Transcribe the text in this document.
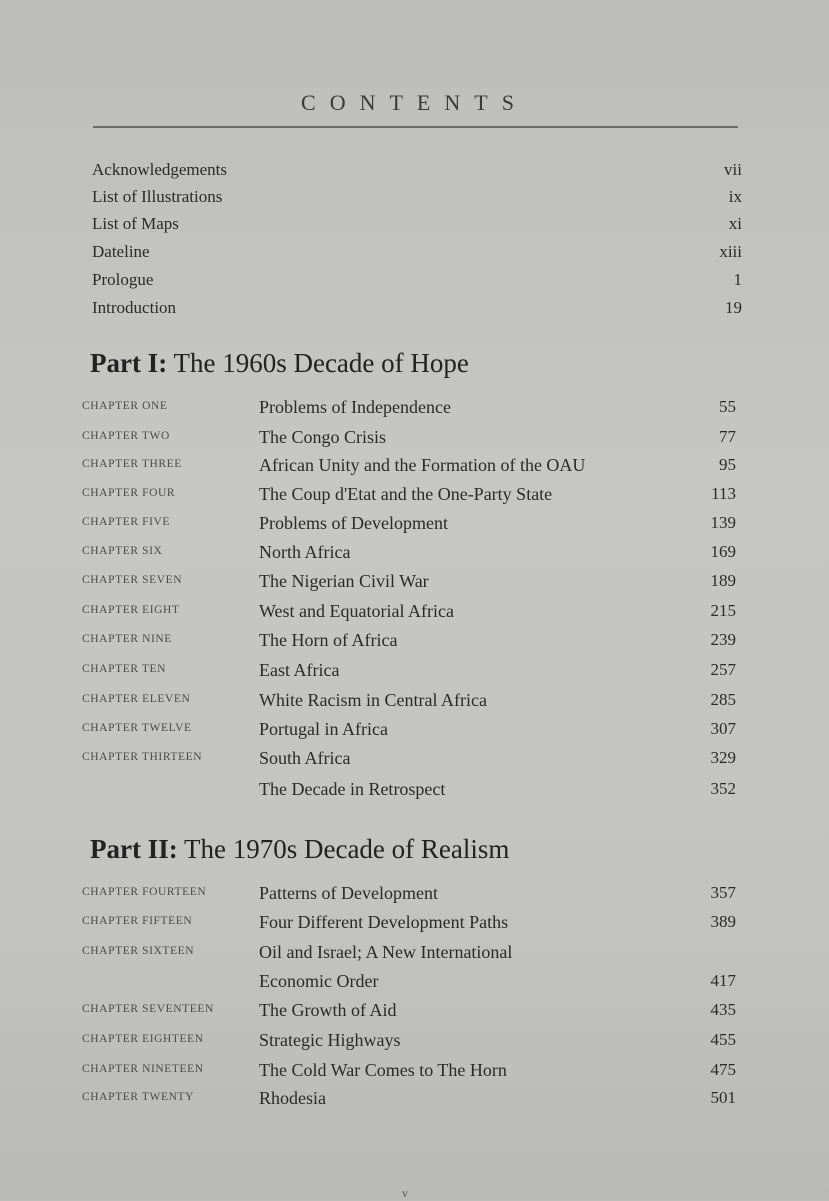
CONTENTS
Acknowledgements	vii
List of Illustrations	ix
List of Maps	xi
Dateline	xiii
Prologue	1
Introduction	19
Part I: The 1960s Decade of Hope
CHAPTER ONE	Problems of Independence	55
CHAPTER TWO	The Congo Crisis	77
CHAPTER THREE	African Unity and the Formation of the OAU	95
CHAPTER FOUR	The Coup d'Etat and the One-Party State	113
CHAPTER FIVE	Problems of Development	139
CHAPTER SIX	North Africa	169
CHAPTER SEVEN	The Nigerian Civil War	189
CHAPTER EIGHT	West and Equatorial Africa	215
CHAPTER NINE	The Horn of Africa	239
CHAPTER TEN	East Africa	257
CHAPTER ELEVEN	White Racism in Central Africa	285
CHAPTER TWELVE	Portugal in Africa	307
CHAPTER THIRTEEN	South Africa	329
The Decade in Retrospect	352
Part II: The 1970s Decade of Realism
CHAPTER FOURTEEN	Patterns of Development	357
CHAPTER FIFTEEN	Four Different Development Paths	389
CHAPTER SIXTEEN	Oil and Israel; A New International
Economic Order	417
CHAPTER SEVENTEEN	The Growth of Aid	435
CHAPTER EIGHTEEN	Strategic Highways	455
CHAPTER NINETEEN	The Cold War Comes to The Horn	475
CHAPTER TWENTY	Rhodesia	501
v
